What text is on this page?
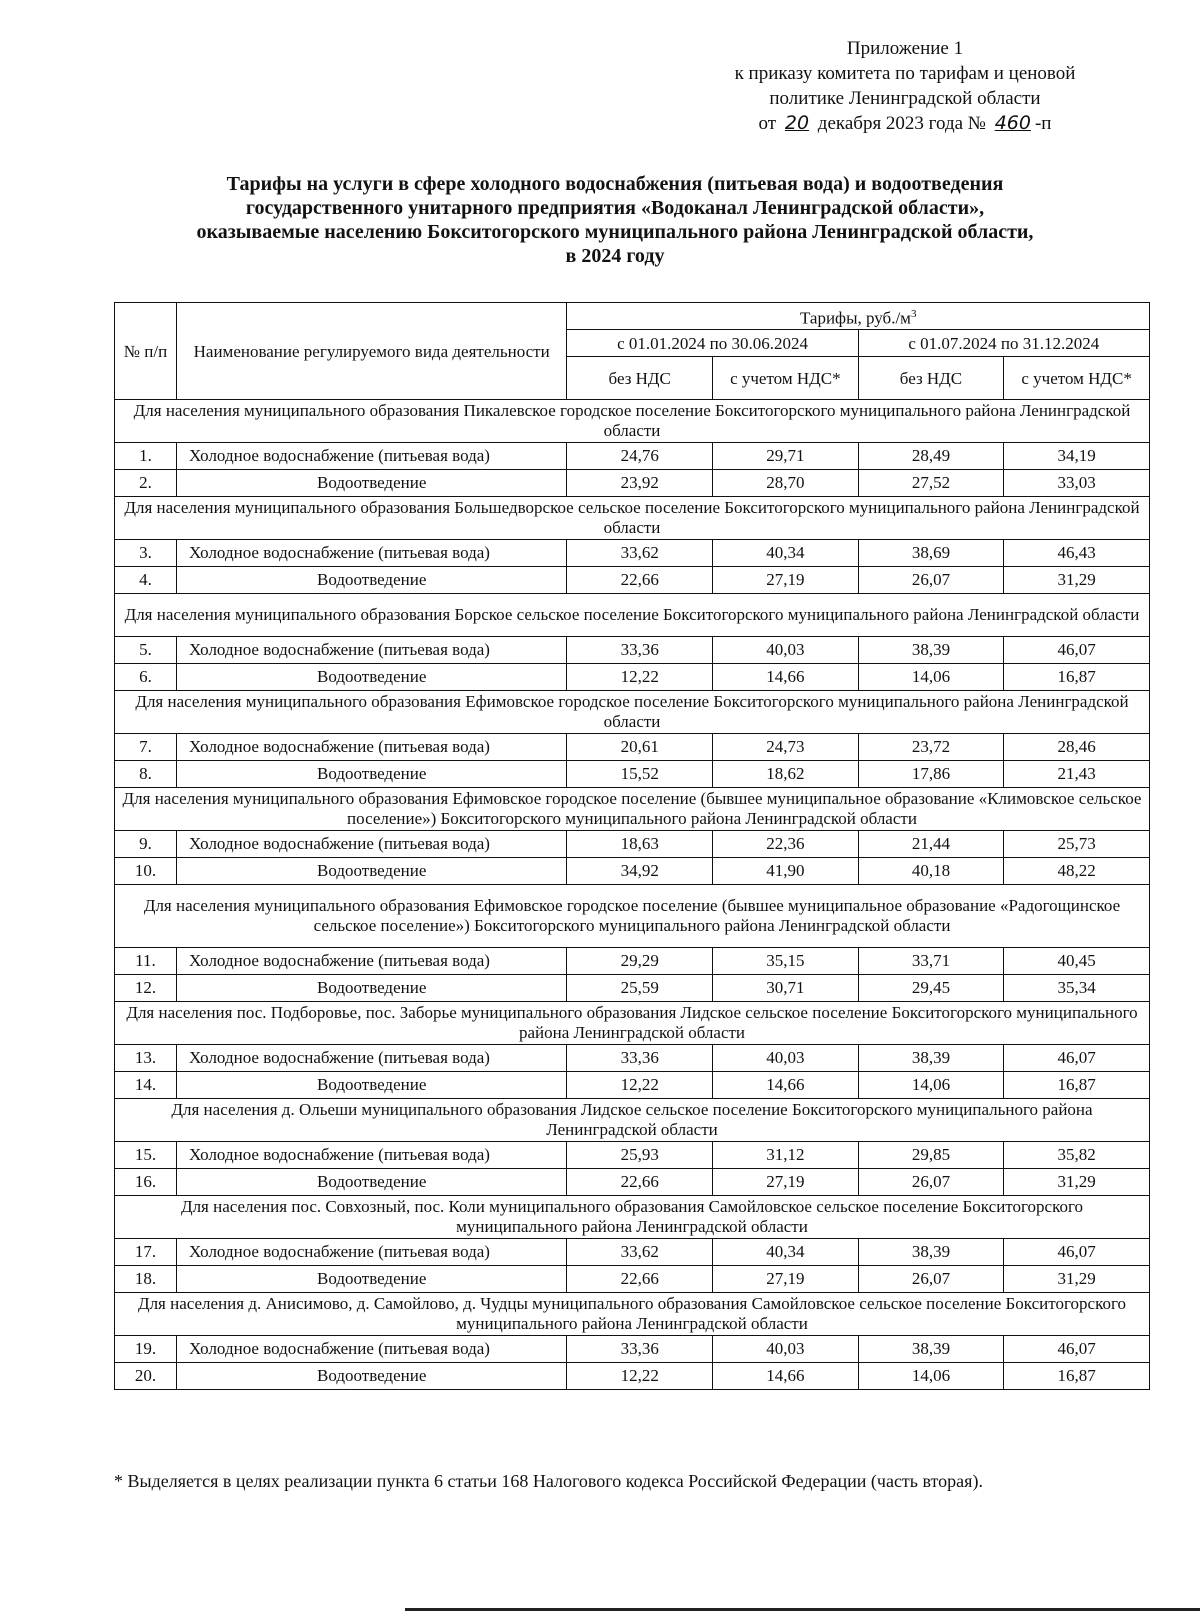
Приложение 1
к приказу комитета по тарифам и ценовой
политике Ленинградской области
от 20 декабря 2023 года № 460 -п
Тарифы на услуги в сфере холодного водоснабжения (питьевая вода) и водоотведения
государственного унитарного предприятия «Водоканал Ленинградской области»,
оказываемые населению Бокситогорского муниципального района Ленинградской области,
в 2024 году
№ п/п	Наименование регулируемого вида деятельности	Тарифы, $руб./м^3$
		с 01.01.2024 по 30.06.2024		с 01.07.2024 по 31.12.2024	
		без НДС	с учетом НДС*	без НДС	с учетом НДС*
Для населения муниципального образования Пикалевское городское поселение Бокситогорского муниципального района Ленинградской области					
1.	Холодное водоснабжение (питьевая вода)	24,76	29,71	28,49	34,19
2.	Водоотведение	23,92	28,70	27,52	33,03
Для населения муниципального образования Большедворское сельское поселение Бокситогорского муниципального района Ленинградской области					
3.	Холодное водоснабжение (питьевая вода)	33,62	40,34	38,69	46,43
4.	Водоотведение	22,66	27,19	26,07	31,29
Для населения муниципального образования Борское сельское поселение Бокситогорского муниципального района Ленинградской области					
5.	Холодное водоснабжение (питьевая вода)	33,36	40,03	38,39	46,07
6.	Водоотведение	12,22	14,66	14,06	16,87
Для населения муниципального образования Ефимовское городское поселение Бокситогорского муниципального района Ленинградской области					
7.	Холодное водоснабжение (питьевая вода)	20,61	24,73	23,72	28,46
8.	Водоотведение	15,52	18,62	17,86	21,43
Для населения муниципального образования Ефимовское городское поселение (бывшее муниципальное образование «Климовское сельское поселение») Бокситогорского муниципального района Ленинградской области					
9.	Холодное водоснабжение (питьевая вода)	18,63	22,36	21,44	25,73
10.	Водоотведение	34,92	41,90	40,18	48,22
Для населения муниципального образования Ефимовское городское поселение (бывшее муниципальное образование «Радогощинское сельское поселение») Бокситогорского муниципального района Ленинградской области					
11.	Холодное водоснабжение (питьевая вода)	29,29	35,15	33,71	40,45
12.	Водоотведение	25,59	30,71	29,45	35,34
Для населения пос. Подборовье, пос. Заборье муниципального образования Лидское сельское поселение Бокситогорского муниципального района Ленинградской области					
13.	Холодное водоснабжение (питьевая вода)	33,36	40,03	38,39	46,07
14.	Водоотведение	12,22	14,66	14,06	16,87
Для населения д. Ольеши муниципального образования Лидское сельское поселение Бокситогорского муниципального района Ленинградской области					
15.	Холодное водоснабжение (питьевая вода)	25,93	31,12	29,85	35,82
16.	Водоотведение	22,66	27,19	26,07	31,29
Для населения пос. Совхозный, пос. Коли муниципального образования Самойловское сельское поселение Бокситогорского муниципального района Ленинградской области					
17.	Холодное водоснабжение (питьевая вода)	33,62	40,34	38,39	46,07
18.	Водоотведение	22,66	27,19	26,07	31,29
Для населения д. Анисимово, д. Самойлово, д. Чудцы муниципального образования Самойловское сельское поселение Бокситогорского муниципального района Ленинградской области					
19.	Холодное водоснабжение (питьевая вода)	33,36	40,03	38,39	46,07
20.	Водоотведение	12,22	14,66	14,06	16,87
* Выделяется в целях реализации пункта 6 статьи 168 Налогового кодекса Российской Федерации (часть вторая).
